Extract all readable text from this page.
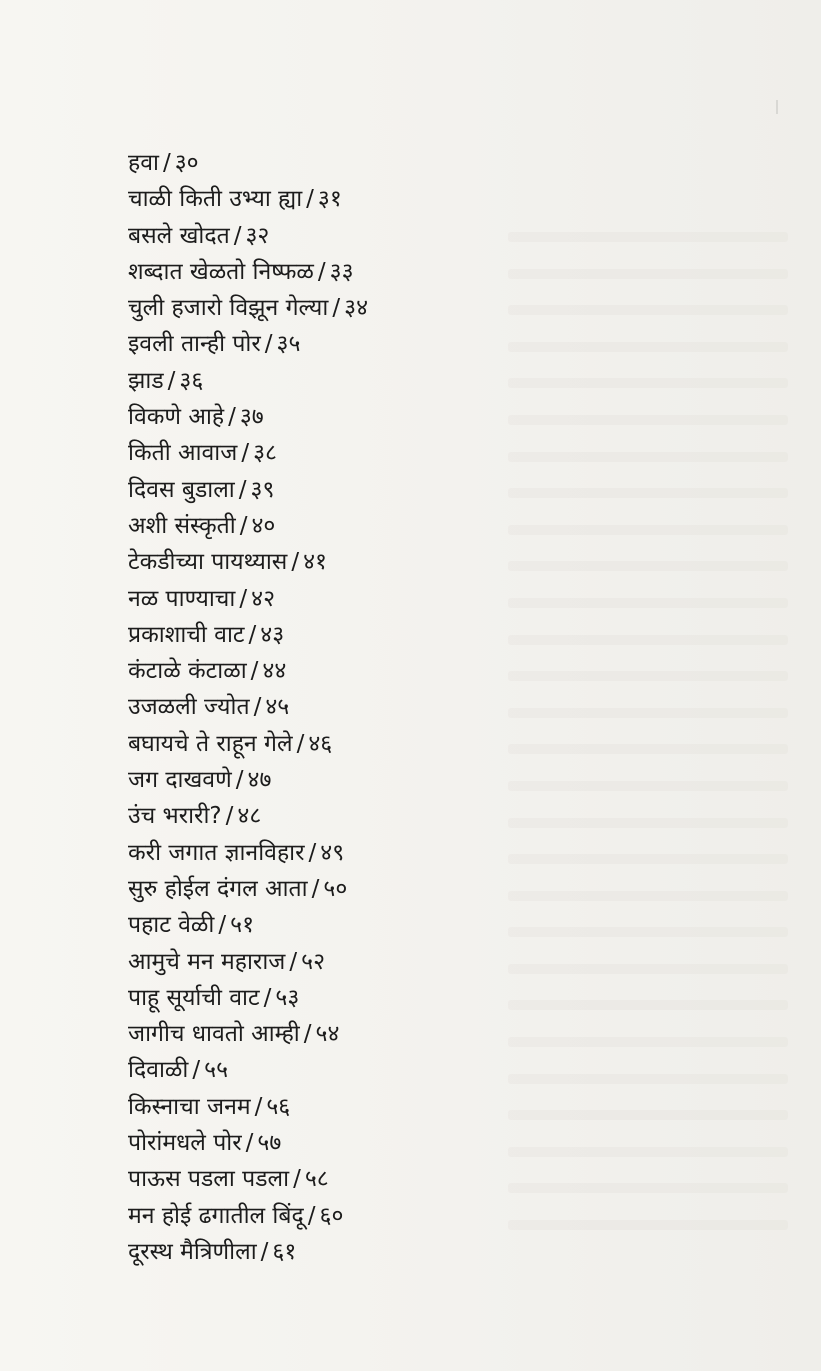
हवा / ३०
चाळी किती उभ्या ह्या / ३१
बसले खोदत / ३२
शब्दात खेळतो निष्फळ / ३३
चुली हजारो विझून गेल्या / ३४
इवली तान्ही पोर / ३५
झाड / ३६
विकणे आहे / ३७
किती आवाज / ३८
दिवस बुडाला / ३९
अशी संस्कृती / ४०
टेकडीच्या पायथ्यास / ४१
नळ पाण्याचा / ४२
प्रकाशाची वाट / ४३
कंटाळे कंटाळा / ४४
उजळली ज्योत / ४५
बघायचे ते राहून गेले / ४६
जग दाखवणे / ४७
उंच भरारी? / ४८
करी जगात ज्ञानविहार / ४९
सुरु होईल दंगल आता / ५०
पहाट वेळी / ५१
आमुचे मन महाराज / ५२
पाहू सूर्याची वाट / ५३
जागीच धावतो आम्ही / ५४
दिवाळी / ५५
किस्नाचा जनम / ५६
पोरांमधले पोर / ५७
पाऊस पडला पडला / ५८
मन होई ढगातील बिंदू / ६०
दूरस्थ मैत्रिणीला / ६१
